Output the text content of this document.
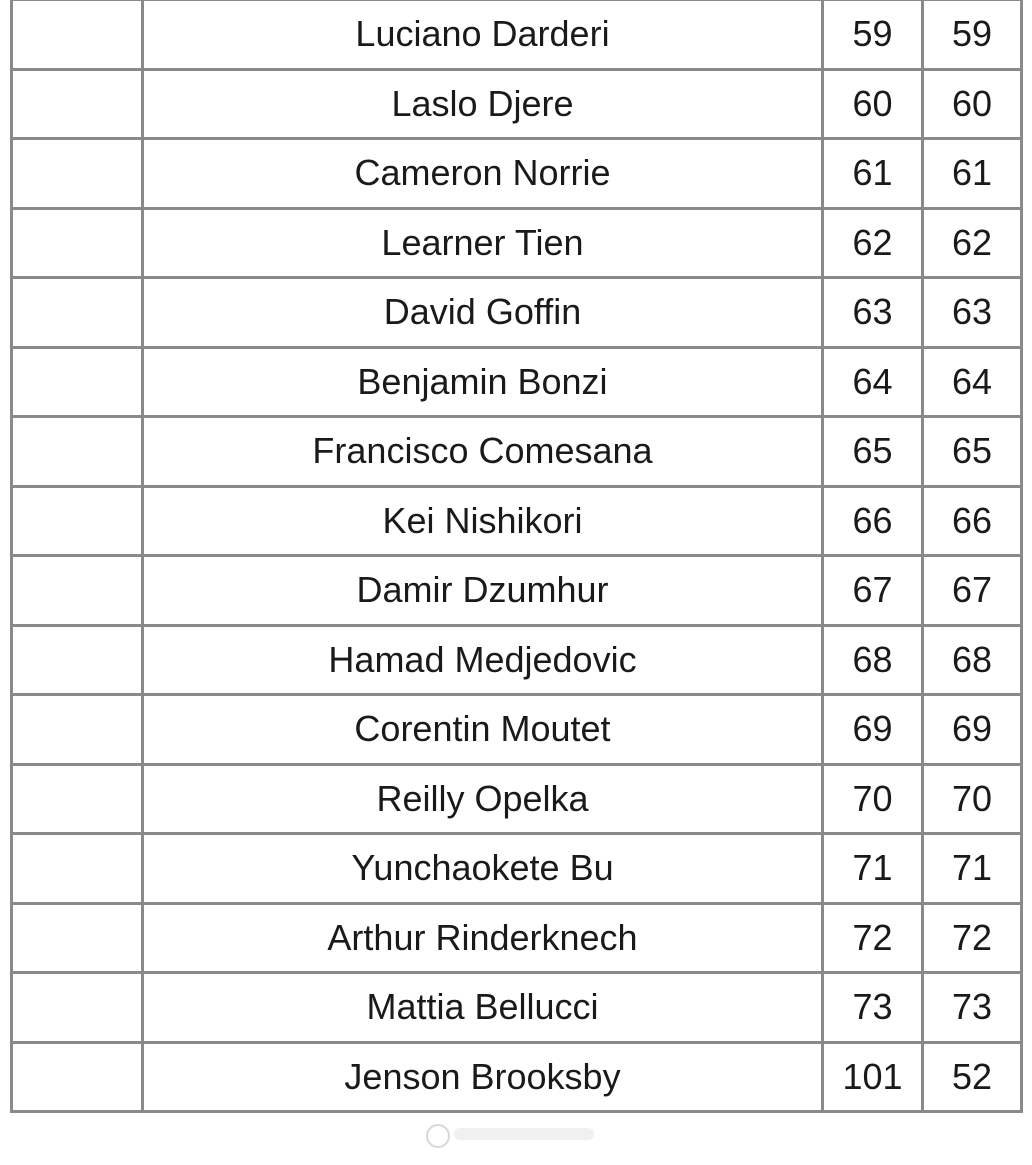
	Luciano Darderi	59	59
	Laslo Djere	60	60
	Cameron Norrie	61	61
	Learner Tien	62	62
	David Goffin	63	63
	Benjamin Bonzi	64	64
	Francisco Comesana	65	65
	Kei Nishikori	66	66
	Damir Dzumhur	67	67
	Hamad Medjedovic	68	68
	Corentin Moutet	69	69
	Reilly Opelka	70	70
	Yunchaokete Bu	71	71
	Arthur Rinderknech	72	72
	Mattia Bellucci	73	73
	Jenson Brooksby	101	52
